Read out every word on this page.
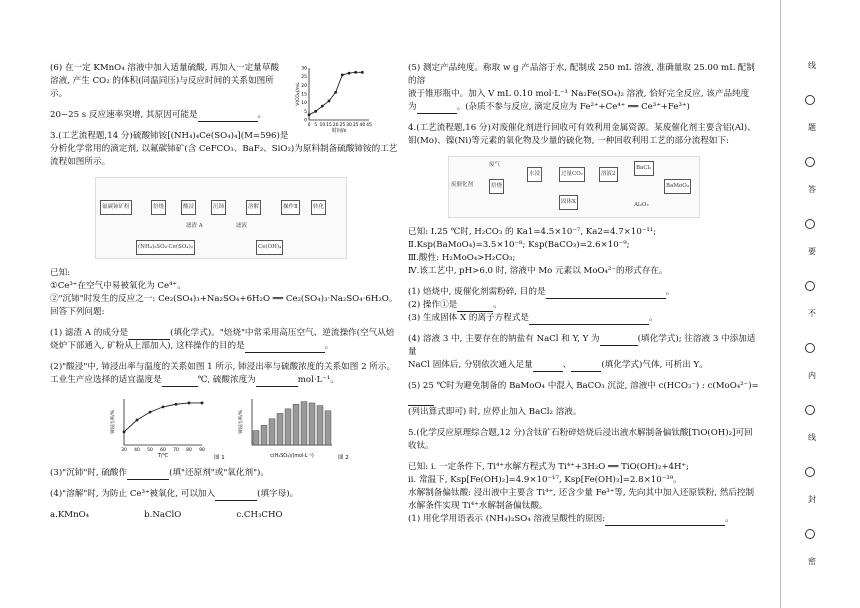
(6) 在一定 KMnO₄ 溶液中加入适量硫酸, 再加入一定量草酸
溶液, 产生 CO₂ 的体积(同温同压)与反应时间的关系如图所
示。

20~25 s 反应速率突增, 其原因可能是	。

3.(工艺流程题,14 分)硫酸铈铵[(NH₄)₄Ce(SO₄)₄](M=596)是
分析化学常用的滴定剂, 以氟碳铈矿(含 CeFCO₃、BaF₂、SiO₂)为原料制备硫酸铈铵的工艺
流程如图所示。

氟碳铈矿粉	焙烧	酸浸	沉铈	溶解	操作Ⅱ	转化
滤渣 A	滤液
(NH₄)₂SO₄·Ce(SO₄)₂	Ce(OH)₄

已知:
①Ce³⁺在空气中易被氧化为 Ce⁴⁺。
②"沉铈"时发生的反应之一: Ce₂(SO₄)₃+Na₂SO₄+6H₂O ══ Ce₂(SO₄)₃·Na₂SO₄·6H₂O。
回答下列问题:

(1) 滤渣 A 的成分是	(填化学式)。"焙烧"中常采用高压空气、逆流操作(空气从焙
烧炉下部通入, 矿粉从上部加入), 这样操作的目的是	。

(2)"酸浸"中, 铈浸出率与温度的关系如图 1 所示, 铈浸出率与硫酸浓度的关系如图 2 所示。
工业生产应选择的适宜温度是	℃, 硫酸浓度为	mol·L⁻¹。

30 40 50 60 70 80 90
T/℃
铈浸出率/%
图 1	c(H₂SO₄)/(mol·L⁻¹)
铈浸出率/%
图 2

(3)"沉铈"时, 硫酸作	(填"还原剂"或"氧化剂")。

(4)"溶解"时, 为防止 Ce³⁺被氧化, 可以加入	(填字母)。

a.KMnO₄	b.NaClO	c.CH₃CHO
0 5 10 15 20 25 30 35 40 45
0
5
10
15
20
25
30
时间/s
V(CO₂)/mL

(5) 测定产品纯度。称取 w g 产品溶于水, 配制成 250 mL 溶液, 准确量取 25.00 mL 配制的溶
液于锥形瓶中。加入 V mL 0.10 mol·L⁻¹ Na₂Fe(SO₄)₂ 溶液, 恰好完全反应, 该产品纯度
为	。(杂质不参与反应, 滴定反应为 Fe²⁺+Ce⁴⁺ ══ Ce³⁺+Fe³⁺)

4.(工艺流程题,16 分)对废催化剂进行回收可有效利用金属资源。某废催化剂主要含铝(Al)、
钼(Mo)、镍(Ni)等元素的氧化物及少量的硫化物, 一种回收利用工艺的部分流程如下:

废催化剂	焙烧
废气
水浸	过量CO₂	溶液2
BaCl₂
BaMoO₄
固体X	Al₂O₃

已知: Ⅰ.25 ℃时, H₂CO₃ 的 Ka1=4.5×10⁻⁷, Ka2=4.7×10⁻¹¹;
Ⅱ.Ksp(BaMoO₄)=3.5×10⁻⁸; Ksp(BaCO₃)=2.6×10⁻⁹;
Ⅲ.酸性: H₂MoO₄>H₂CO₃;
Ⅳ.该工艺中, pH>6.0 时, 溶液中 Mo 元素以 MoO₄²⁻的形式存在。

(1) 焙烧中, 废催化剂需粉碎, 目的是	。
(2) 操作①是	。
(3) 生成固体 X 的离子方程式是	。

(4) 溶液 3 中, 主要存在的钠盐有 NaCl 和 Y, Y 为	(填化学式); 往溶液 3 中添加适量
NaCl 固体后, 分别依次通入足量	、	(填化学式)气体, 可析出 Y。

(5) 25 ℃时为避免制备的 BaMoO₄ 中混入 BaCO₃ 沉淀, 溶液中 c(HCO₃⁻) : c(MoO₄²⁻)=
(列出算式即可) 时, 应停止加入 BaCl₂ 溶液。

5.(化学反应原理综合题,12 分)含钛矿石粉碎焙烧后浸出液水解制备偏钛酸[TiO(OH)₂]可回
收钛。

已知: ⅰ. 一定条件下, Ti⁴⁺水解方程式为 Ti⁴⁺+3H₂O ══ TiO(OH)₂+4H⁺;
ⅱ. 常温下, Ksp[Fe(OH)₂]=4.9×10⁻¹⁷, Ksp[Fe(OH)₃]=2.8×10⁻³⁹。
水解制备偏钛酸: 浸出液中主要含 Ti⁴⁺, 还含少量 Fe³⁺等, 先向其中加入还原铁粉, 然后控制
水解条件实现 Ti⁴⁺水解制备偏钛酸。
(1) 用化学用语表示 (NH₄)₂SO₄ 溶液呈酸性的原因:	。

线
题
答
要
不
内
线
封
密
